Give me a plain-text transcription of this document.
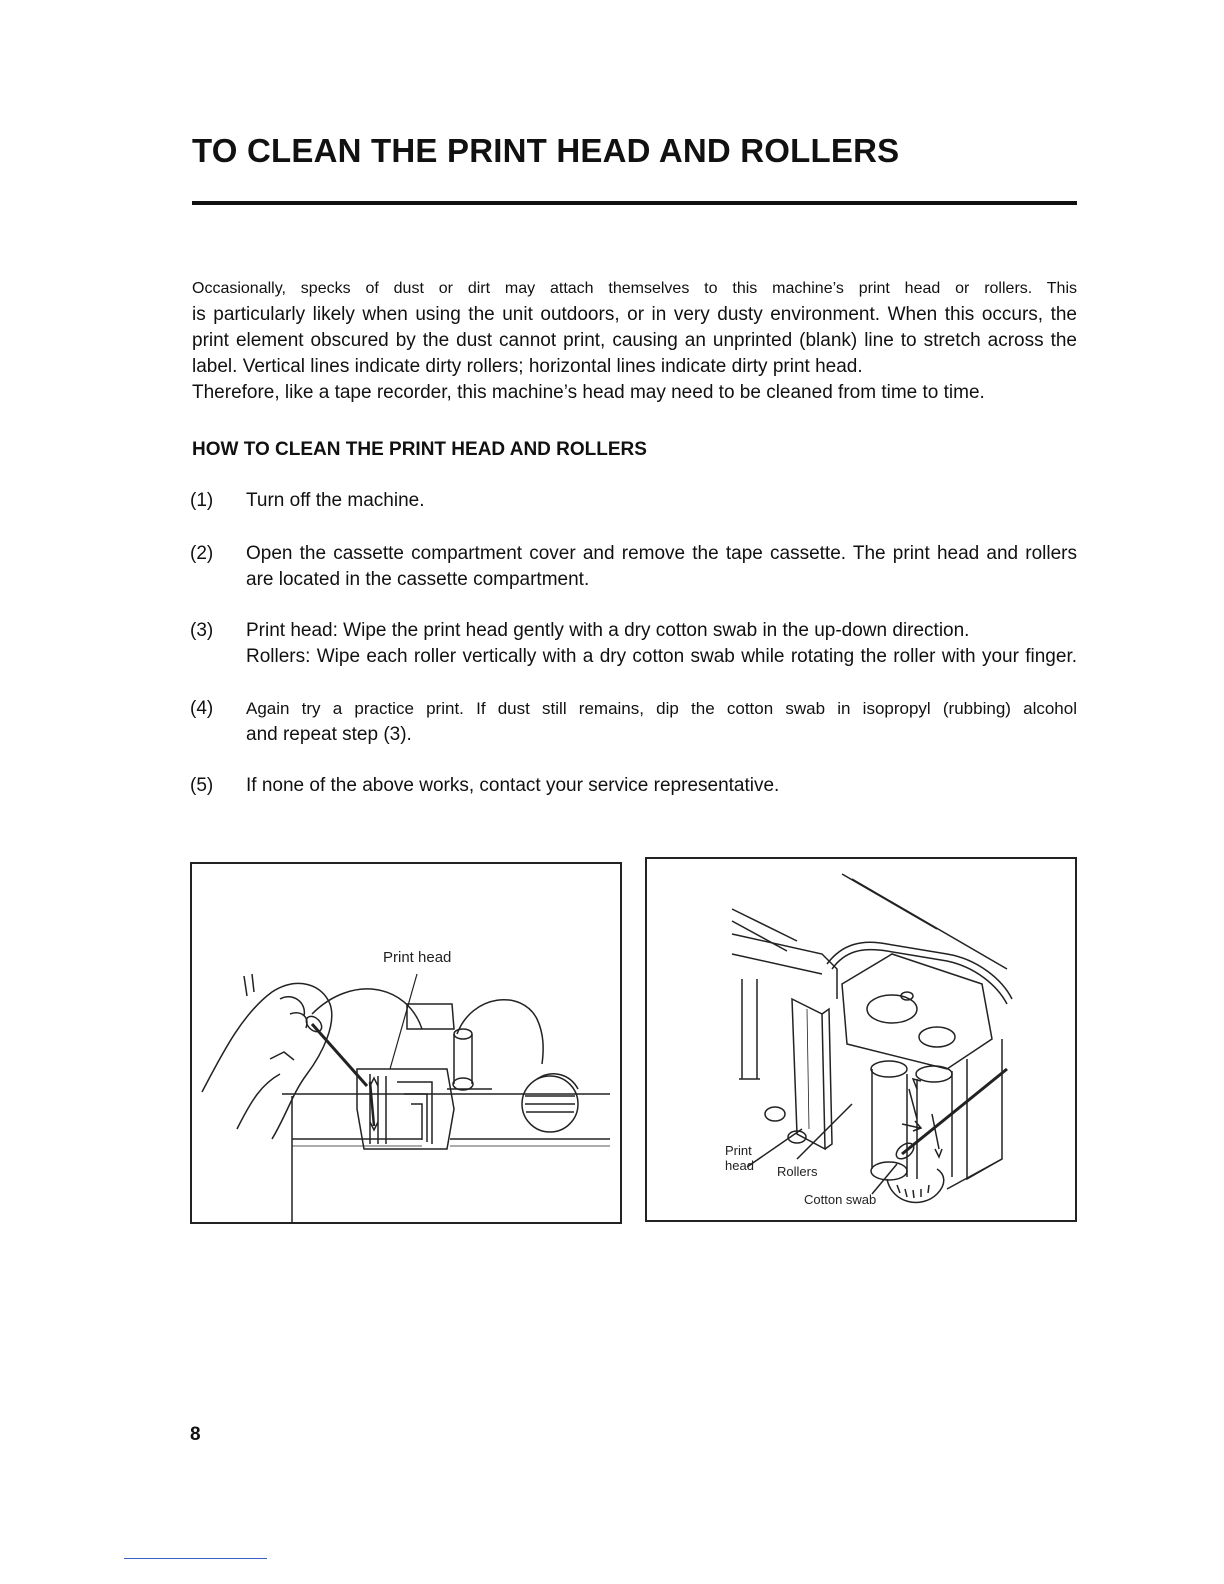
TO CLEAN THE PRINT HEAD AND ROLLERS

Occasionally, specks of dust or dirt may attach themselves to this machine’s print head or rollers. This

is particularly likely when using the unit outdoors, or in very dusty environment. When this occurs, the

print element obscured by the dust cannot print, causing an unprinted (blank) line to stretch across the

label. Vertical lines indicate dirty rollers; horizontal lines indicate dirty print head.

Therefore, like a tape recorder, this machine’s head may need to be cleaned from time to time.

HOW TO CLEAN THE PRINT HEAD AND ROLLERS
(1) Turn off the machine.

(2) Open the cassette compartment cover and remove the tape cassette. The print head and rollers

are located in the cassette compartment.

(3) Print head: Wipe the print head gently with a dry cotton swab in the up-down direction.

Rollers: Wipe each roller vertically with a dry cotton swab while rotating the roller with your finger.

(4) Again try a practice print. If dust still remains, dip the cotton swab in isopropyl (rubbing) alcohol

and repeat step (3).

(5) If none of the above works, contact your service representative.

Print head
Print
head Rollers
Cotton swab
8
